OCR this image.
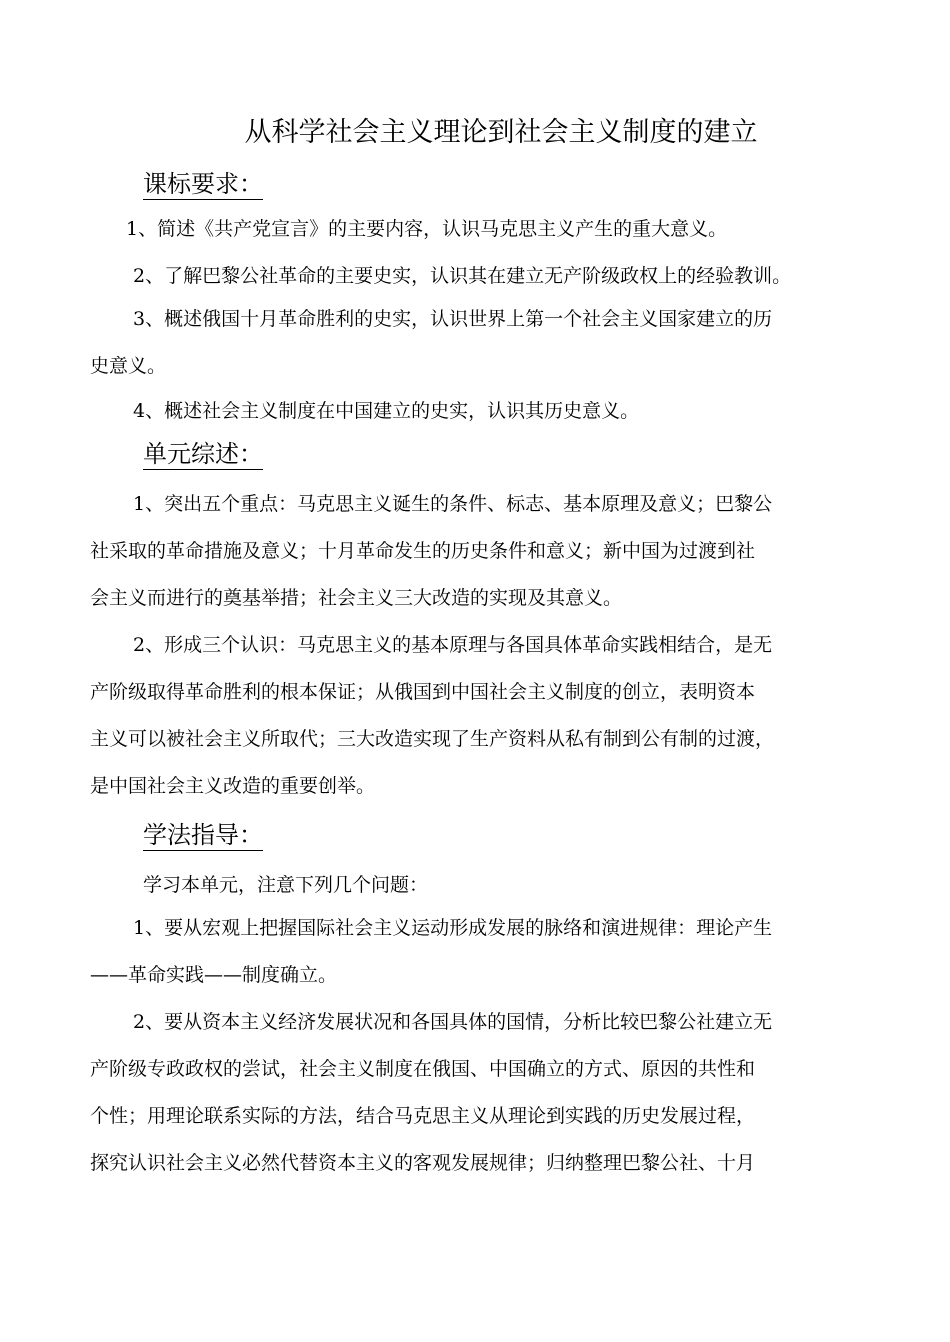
从科学社会主义理论到社会主义制度的建立
课标要求：
1、简述《共产党宣言》的主要内容，认识马克思主义产生的重大意义。
2、了解巴黎公社革命的主要史实，认识其在建立无产阶级政权上的经验教训。
3、概述俄国十月革命胜利的史实，认识世界上第一个社会主义国家建立的历
史意义。
4、概述社会主义制度在中国建立的史实，认识其历史意义。
单元综述：
1、突出五个重点：马克思主义诞生的条件、标志、基本原理及意义；巴黎公
社采取的革命措施及意义；十月革命发生的历史条件和意义；新中国为过渡到社
会主义而进行的奠基举措；社会主义三大改造的实现及其意义。
2、形成三个认识：马克思主义的基本原理与各国具体革命实践相结合，是无
产阶级取得革命胜利的根本保证；从俄国到中国社会主义制度的创立，表明资本
主义可以被社会主义所取代；三大改造实现了生产资料从私有制到公有制的过渡，
是中国社会主义改造的重要创举。
学法指导：
学习本单元，注意下列几个问题：
1、要从宏观上把握国际社会主义运动形成发展的脉络和演进规律：理论产生
——革命实践——制度确立。
2、要从资本主义经济发展状况和各国具体的国情，分析比较巴黎公社建立无
产阶级专政政权的尝试，社会主义制度在俄国、中国确立的方式、原因的共性和
个性；用理论联系实际的方法，结合马克思主义从理论到实践的历史发展过程，
探究认识社会主义必然代替资本主义的客观发展规律；归纳整理巴黎公社、十月
